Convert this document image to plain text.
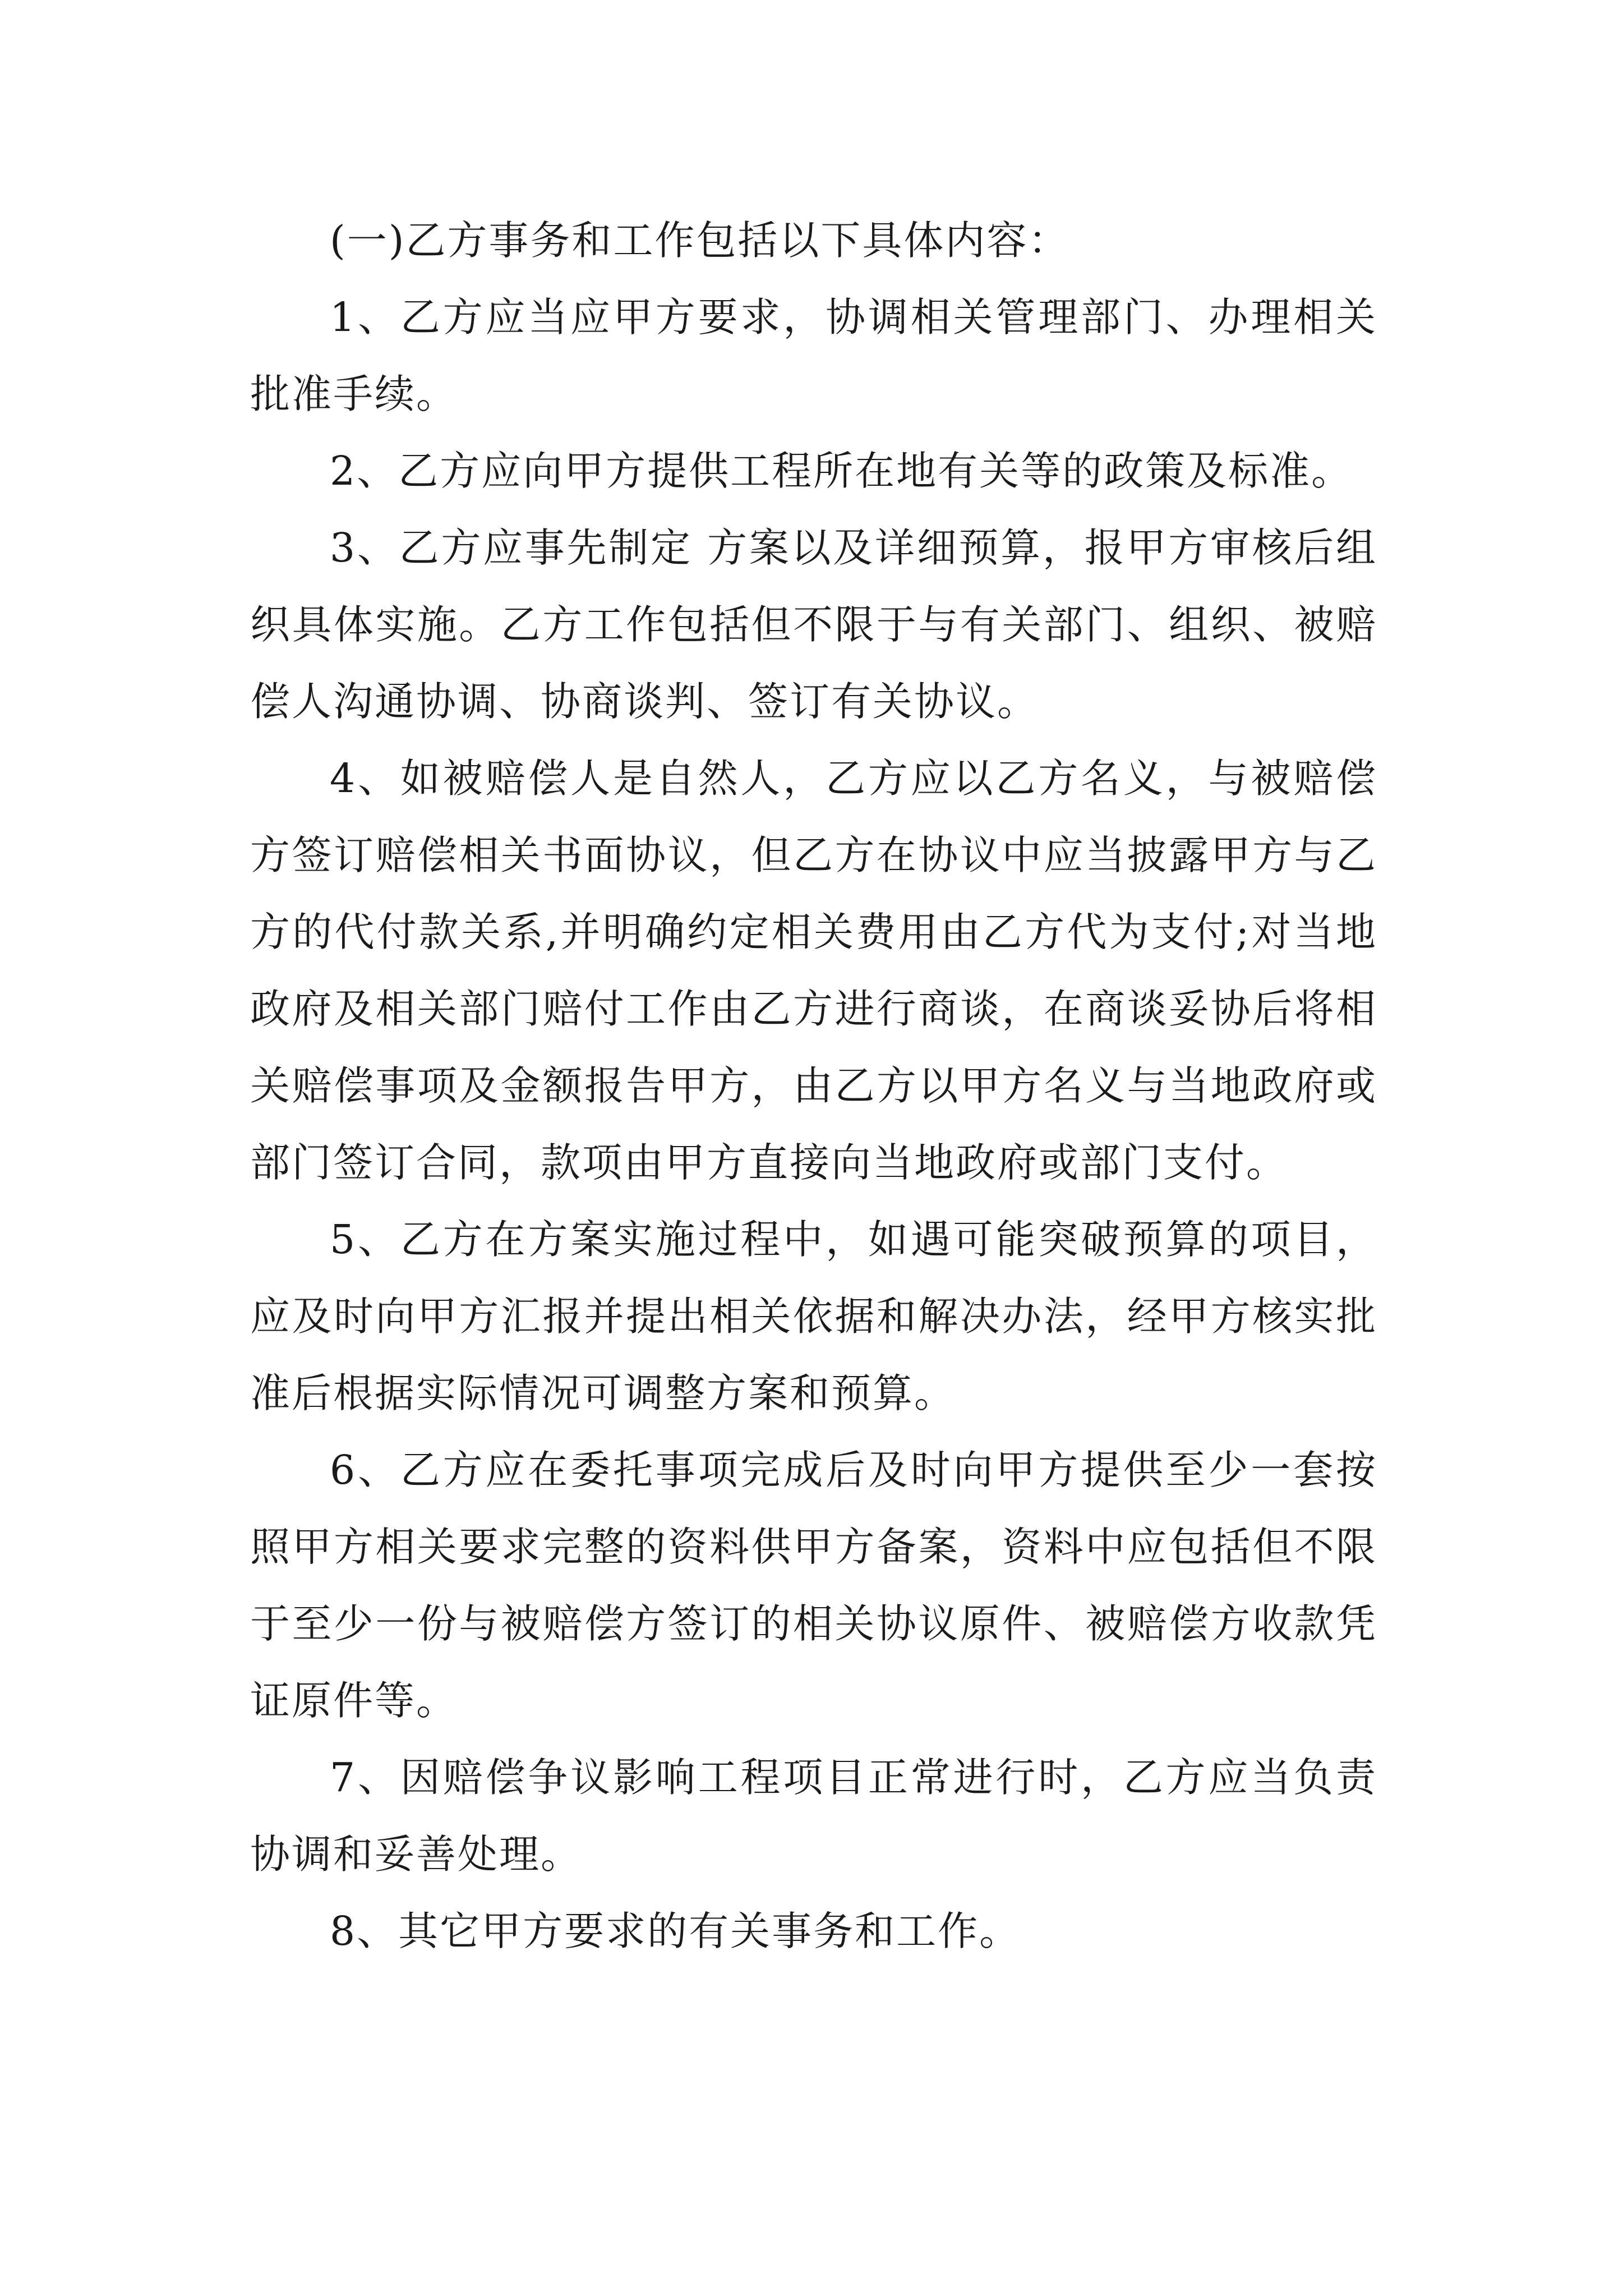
(一)乙方事务和工作包括以下具体内容：

1、乙方应当应甲方要求，协调相关管理部门、办理相关批准手续。

2、乙方应向甲方提供工程所在地有关等的政策及标准。

3、乙方应事先制定 方案以及详细预算，报甲方审核后组织具体实施。乙方工作包括但不限于与有关部门、组织、被赔偿人沟通协调、协商谈判、签订有关协议。

4、如被赔偿人是自然人，乙方应以乙方名义，与被赔偿方签订赔偿相关书面协议，但乙方在协议中应当披露甲方与乙方的代付款关系,并明确约定相关费用由乙方代为支付;对当地政府及相关部门赔付工作由乙方进行商谈，在商谈妥协后将相关赔偿事项及金额报告甲方，由乙方以甲方名义与当地政府或部门签订合同，款项由甲方直接向当地政府或部门支付。

5、乙方在方案实施过程中，如遇可能突破预算的项目，应及时向甲方汇报并提出相关依据和解决办法，经甲方核实批准后根据实际情况可调整方案和预算。

6、乙方应在委托事项完成后及时向甲方提供至少一套按照甲方相关要求完整的资料供甲方备案，资料中应包括但不限于至少一份与被赔偿方签订的相关协议原件、被赔偿方收款凭证原件等。

7、因赔偿争议影响工程项目正常进行时，乙方应当负责协调和妥善处理。

8、其它甲方要求的有关事务和工作。
